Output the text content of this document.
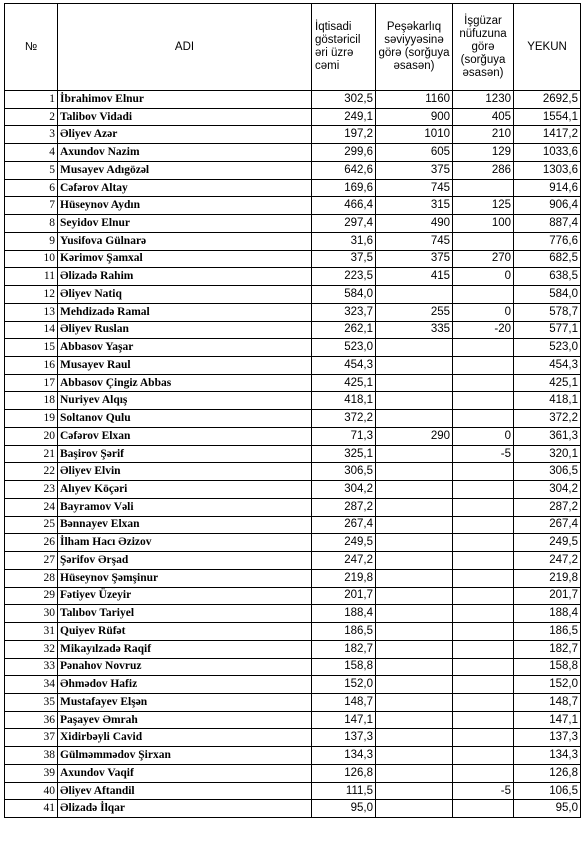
№	ADI	İqtisadi göstəricil əri üzrə cəmi	Peşəkarlıq səviyyəsinə görə (sorğuya əsasən)	İşgüzar nüfuzuna görə (sorğuya əsasən)	YEKUN
1	İbrahimov Elnur	302,5	1160	1230	2692,5
2	Talibov Vidadi	249,1	900	405	1554,1
3	Əliyev Azər	197,2	1010	210	1417,2
4	Axundov Nazim	299,6	605	129	1033,6
5	Musayev Adıgözəl	642,6	375	286	1303,6
6	Cəfərov Altay	169,6	745		914,6
7	Hüseynov Aydın	466,4	315	125	906,4
8	Seyidov Elnur	297,4	490	100	887,4
9	Yusifova Gülnarə	31,6	745		776,6
10	Kərimov Şamxal	37,5	375	270	682,5
11	Əlizadə Rahim	223,5	415	0	638,5
12	Əliyev Natiq	584,0			584,0
13	Mehdizadə Ramal	323,7	255	0	578,7
14	Əliyev Ruslan	262,1	335	-20	577,1
15	Abbasov Yaşar	523,0			523,0
16	Musayev Raul	454,3			454,3
17	Abbasov Çingiz Abbas	425,1			425,1
18	Nuriyev Alqış	418,1			418,1
19	Soltanov Qulu	372,2			372,2
20	Cəfərov Elxan	71,3	290	0	361,3
21	Başirov Şərif	325,1		-5	320,1
22	Əliyev Elvin	306,5			306,5
23	Alıyev Köçəri	304,2			304,2
24	Bayramov Vəli	287,2			287,2
25	Bənnayev Elxan	267,4			267,4
26	İlham Hacı Əzizov	249,5			249,5
27	Şərifov Ərşad	247,2			247,2
28	Hüseynov Şəmşinur	219,8			219,8
29	Fətiyev Üzeyir	201,7			201,7
30	Talıbov Tariyel	188,4			188,4
31	Quiyev Rüfət	186,5			186,5
32	Mikayılzadə Raqif	182,7			182,7
33	Pənahov Novruz	158,8			158,8
34	Əhmədov Hafiz	152,0			152,0
35	Mustafayev Elşən	148,7			148,7
36	Paşayev Əmrah	147,1			147,1
37	Xidirbəyli Cavid	137,3			137,3
38	Gülməmmədov Şirxan	134,3			134,3
39	Axundov Vaqif	126,8			126,8
40	Əliyev Aftandil	111,5		-5	106,5
41	Əlizadə İlqar	95,0			95,0
